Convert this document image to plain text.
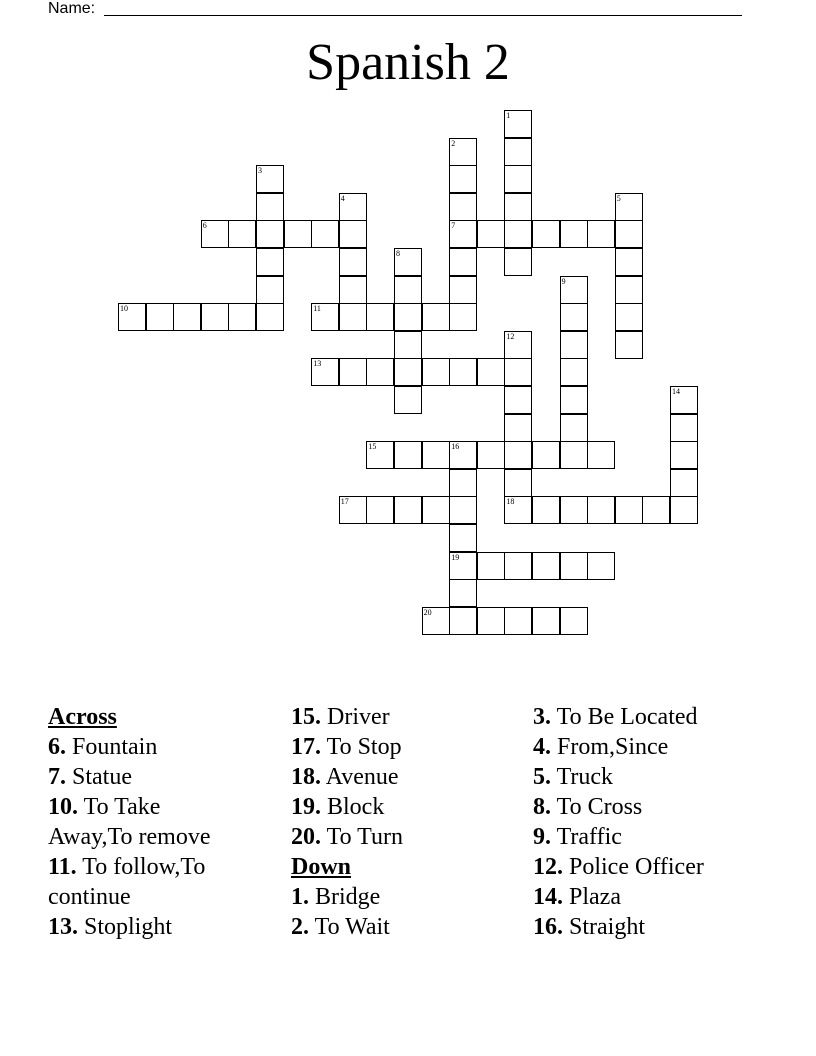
Name:
Spanish 2
1
2
3
4	5
6	7
8
9
10	11
12
13
14
15	16
17	18
19
20
Across
6. Fountain
7. Statue
10. To Take Away,To remove
11. To follow,To continue
13. Stoplight
15. Driver
17. To Stop
18. Avenue
19. Block
20. To Turn
Down
1. Bridge
2. To Wait
3. To Be Located
4. From,Since
5. Truck
8. To Cross
9. Traffic
12. Police Officer
14. Plaza
16. Straight
